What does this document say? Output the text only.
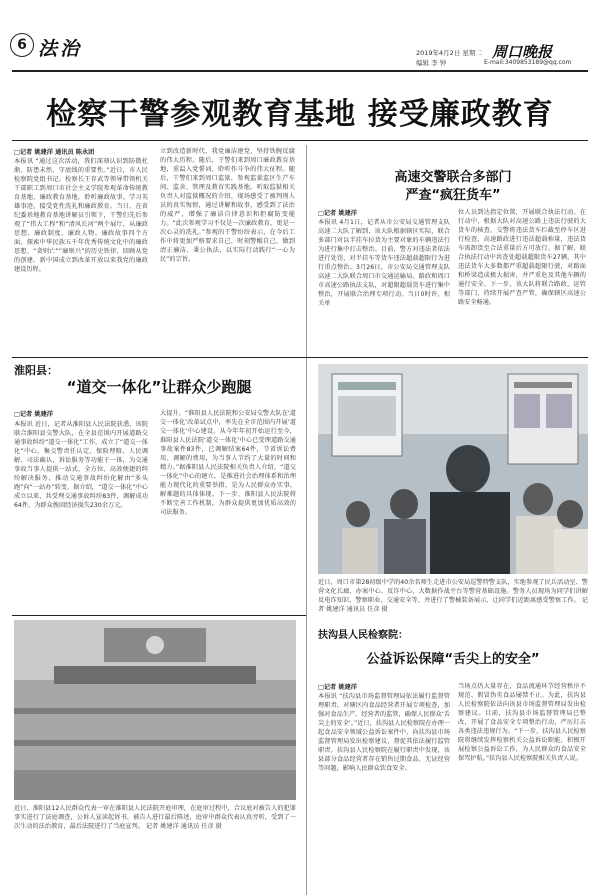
6 法治	2019年4月2日 星期二
编辑 李 钟
周口晚报
E-mail:3409853189@qq.com
检察干警参观教育基地 接受廉政教育
□记者 姚建洋 通讯员 陈永团
本报讯 “通过这次活动，我们深刻认识到防微杜渐、防患未然、守底线的重要性。”近日，市人民检察院党组书记、检察长王存武等领导带领机关干部职工到周口市社会主义学院参观革命传统教育基地、廉政教育基地，聆听廉政故事、学习英雄事迹，接受党性洗礼和廉政教育。当日，在省纪委基地教育基地讲解员引领下，干警们先后参观了“伟大工程”和“清风长河”两个展厅，从廉政思想、廉政制度、廉政人物、廉政故事四个方面，探索中华民族五千年优秀传统文化中的廉政思想、“贪则亡”“廉则兴”的历史铁律，回顾从党的创建、新中国成立到改革开放以来我党的廉政建设历程。
立到改造新时代，我党廉洁建党、坚持铁腕反腐的伟大历程。随后，干警们来到周口廉政教育基地，重温入党誓词、聆听作斗争的伟大征程。随后，干警们来到周口监狱，参观监狱监区生产车间、监舍、管理及教育实践基地。听取监狱相关负责人对监狱概况的介绍，现场感受了被判刑人员的真实悔恨，通过讲解和故事，感受到了法治的威严，增强了廉洁自律意识和拒腐防变能力。“此次参观学习不仅是一次廉政教育，更是一次心灵的洗礼。”参观的干警纷纷表示，在今后工作中将更加严格要求自己，时刻警醒自己，做到清正廉洁、秉公执法，以实际行动践行“一心为民”的宗旨。
高速交警联合多部门
严查“疯狂货车”
□记者 姚建洋
本报讯 4月1日，记者从市公安局交通管理支队高速二大队了解到，该大队根据辖区实际，联合多部门对以半挂车拉货为主要对象的车辆违法行为进行集中打击整治。目前，警方对违法者依法进行处罚，对半挂车等货车违法超载超限行为进行重点整治。3月26日，市公安局交通管理支队高速二大队联合周口市交通运输局、路政和周口市高速公路执法支队，对超限超载货车进行集中整治，开展联合治理专项行动。当日0时许，相关单
位人员到达指定位置，开展联合执法行动。在行动中，根据大队对高速公路上违法行驶的大货车的核查，交警将违法货车拦截至停车区进行检查、高速路政进行违法超载称量，违法货车需卸货至合法重量后方可放行。据了解，联合执法行动中共查处超载超限货车27辆，其中违法货车大多数都严重超载超限行驶，对路面和桥梁造成极大损害，并严重危及其他车辆的通行安全。下一步，该大队将联合路政、运管等部门，持续开展严查严管，确保辖区高速公路安全畅通。
淮阳县：
“道交一体化”让群众少跑腿
□记者 姚建洋
本报讯 近日，记者从淮阳县人民法院获悉，该院联合淮阳县交警大队，在全县范围内开展道路交通事故纠纷“道交一体化”工作，成立了“道交一体化”中心，集交警责任认定、保险理赔、人民调解、司法确认、诉讼服务等功能于一体，为交通事故当事人提供一站式、全方位、高效便捷的纠纷解决服务，推动交通事故纠纷化解由“多头跑”向“一站办”转变。据介绍，“道交一体化”中心成立以来，共受理交通事故纠纷83件，调解成功64件，为群众挽回经济损失230余万元。
大提升。“淮阳县人民法院和公安局交警大队在‘道交一体化’改革试点中，率先在全市范围内开展‘道交一体化’中心建设。从今年年初开始运行至今，淮阳县人民法院‘道交一体化’中心已受理道路交通事故案件83件，已调解结案64件，节省诉讼费用、调解的费用，为当事人节约了大量的时间和精力。”据淮阳县人民法院相关负责人介绍，“道交一体化”中心的建立，是推进社会治理体系和治理能力现代化的重要举措，是为人民群众办实事、解难题的具体体现。下一步，淮阳县人民法院将不断完善工作机制，为群众提供更加优质高效的司法服务。
近日，周口市第28初级中学的40余名师生走进市公安局巡警特警支队，实地参观了民兵活动室、警营文化长廊、办案中心、反诈中心、大数据作战平台等警营基础设施。警务人员现场为同学们讲解反电诈知识、警察职业、交通安全等，并进行了警械装备展示，让同学们近距离感受警察工作。 记者 姚建洋 通讯员 任彦 摄
近日，淮阳县12人民群众代表一审在淮阳县人民法院开庭审理，在庭审过程中，合议庭对被告人的犯罪事实进行了法庭调查，公诉人宣读起诉书，被告人进行最后陈述，庭审中群众代表认真旁听，受到了一次生动的法治教育，最后法院进行了当庭宣判。 记者 姚建洋 通讯员 任彦 摄
扶沟县人民检察院：
公益诉讼保障“舌尖上的安全”
□记者 姚建洋
本报讯 “扶沟县市场监督管理局依法履行监督管理职责，对辖区内食品经营者开展专项检查，加强对食品生产、经营者的监管，确保人民群众‘舌尖上的安全’。”近日，扶沟县人民检察院在办理一起食品安全领域公益诉讼案件中，向扶沟县市场监督管理局发出检察建议，督促其依法履行监管职责。扶沟县人民检察院在履行职责中发现，该县部分食品经营者存在销售过期食品、无证经营等问题，影响人民群众饮食安全。
当场点仍大量存在，食品流通环节经营秩序不规范、假冒伪劣食品屡禁不止。为此，扶沟县人民检察院依法向该县市场监督管理局发出检察建议。目前，扶沟县市场监督管理局已整改，开展了食品安全专项整治行动，严厉打击各类违法违规行为。“下一步，扶沟县人民检察院将继续发挥检察机关公益诉讼职能，积极开展检察公益诉讼工作，为人民群众的食品安全保驾护航。”扶沟县人民检察院相关负责人说。
